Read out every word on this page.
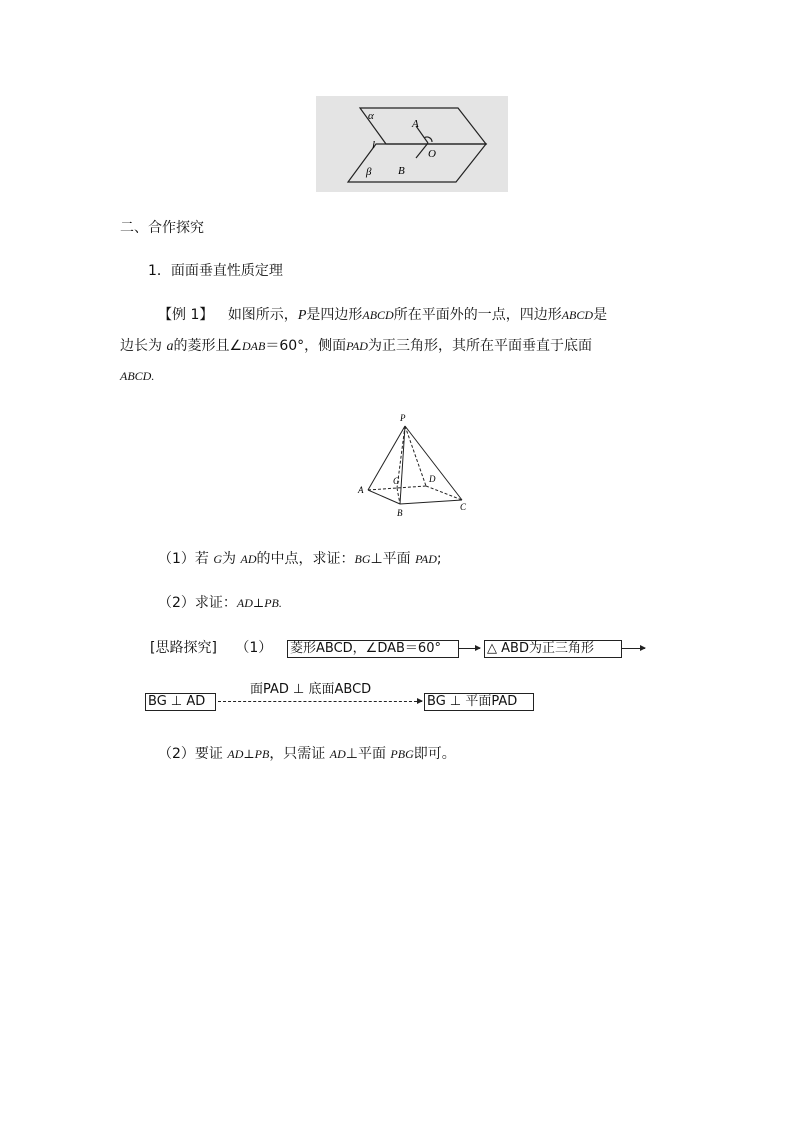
α
A
O
l
β B
二、合作探究
1．面面垂直性质定理
【例 1】 如图所示，P是四边形ABCD所在平面外的一点，四边形ABCD是
边长为 a的菱形且∠DAB＝60°，侧面PAD为正三角形，其所在平面垂直于底面
ABCD.
P
A
G	D
B
C
（1）若 G为 AD的中点，求证：BG⊥平面 PAD;
（2）求证：AD⊥PB.
[思路探究] （1） 菱形ABCD，∠DAB＝60°	△ ABD为正三角形
面PAD ⊥ 底面ABCD
BG ⊥ AD	BG ⊥ 平面PAD
（2）要证 AD⊥PB，只需证 AD⊥平面 PBG即可。
